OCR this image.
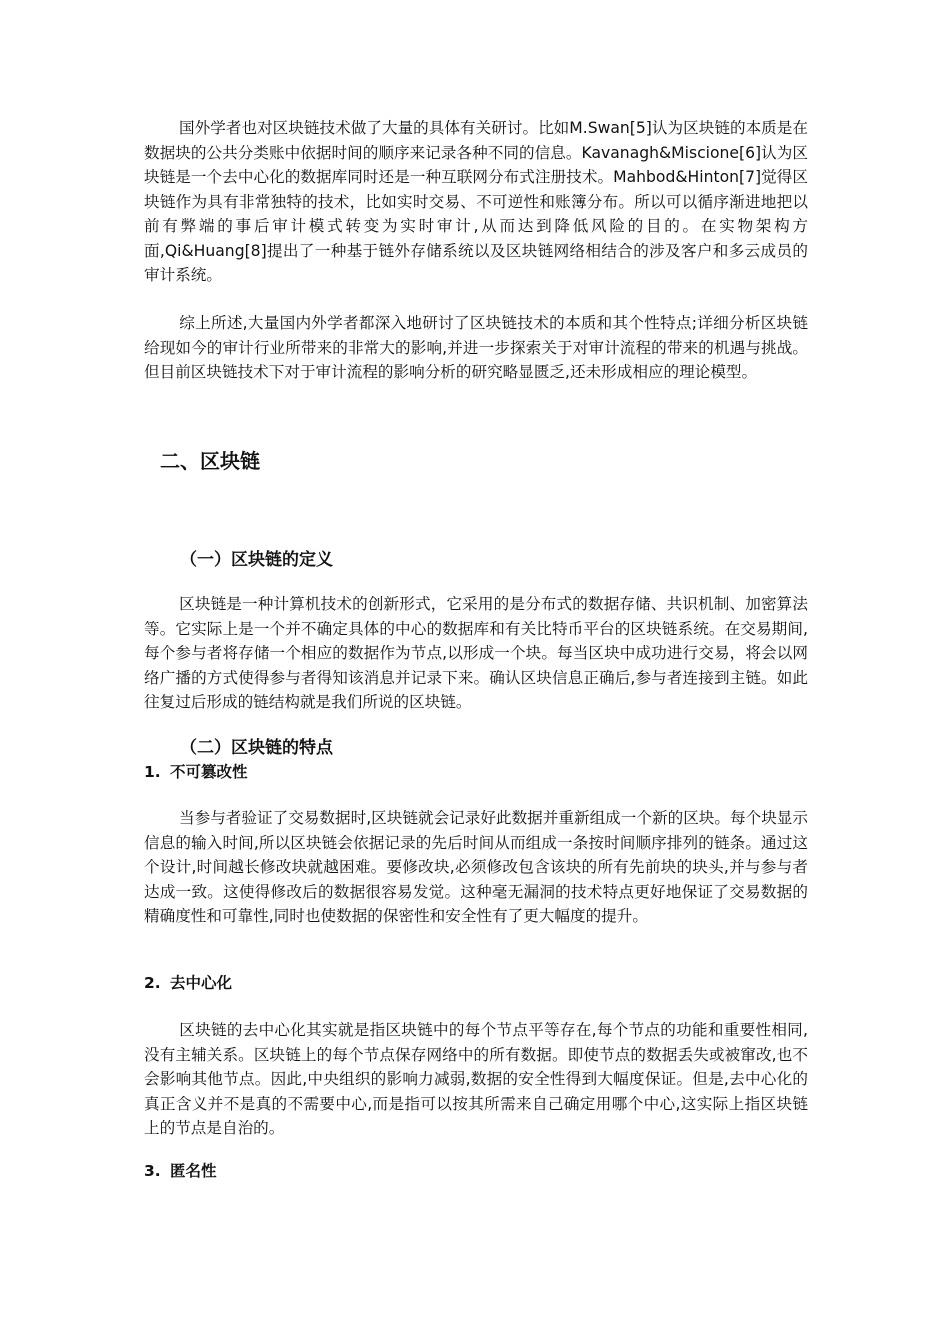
国外学者也对区块链技术做了大量的具体有关研讨。比如M.Swan[5]认为区块链的本质是在数据块的公共分类账中依据时间的顺序来记录各种不同的信息。Kavanagh&Miscione[6]认为区块链是一个去中心化的数据库同时还是一种互联网分布式注册技术。Mahbod&Hinton[7]觉得区块链作为具有非常独特的技术，比如实时交易、不可逆性和账簿分布。所以可以循序渐进地把以前有弊端的事后审计模式转变为实时审计,从而达到降低风险的目的。在实物架构方面,Qi&Huang[8]提出了一种基于链外存储系统以及区块链网络相结合的涉及客户和多云成员的审计系统。

综上所述,大量国内外学者都深入地研讨了区块链技术的本质和其个性特点;详细分析区块链给现如今的审计行业所带来的非常大的影响,并进一步探索关于对审计流程的带来的机遇与挑战。但目前区块链技术下对于审计流程的影响分析的研究略显匮乏,还未形成相应的理论模型。

二、区块链
（一）区块链的定义

区块链是一种计算机技术的创新形式，它采用的是分布式的数据存储、共识机制、加密算法等。它实际上是一个并不确定具体的中心的数据库和有关比特币平台的区块链系统。在交易期间,每个参与者将存储一个相应的数据作为节点,以形成一个块。每当区块中成功进行交易，将会以网络广播的方式使得参与者得知该消息并记录下来。确认区块信息正确后,参与者连接到主链。如此往复过后形成的链结构就是我们所说的区块链。

（二）区块链的特点
1. 不可篡改性

当参与者验证了交易数据时,区块链就会记录好此数据并重新组成一个新的区块。每个块显示信息的输入时间,所以区块链会依据记录的先后时间从而组成一条按时间顺序排列的链条。通过这个设计,时间越长修改块就越困难。要修改块,必须修改包含该块的所有先前块的块头,并与参与者达成一致。这使得修改后的数据很容易发觉。这种毫无漏洞的技术特点更好地保证了交易数据的精确度性和可靠性,同时也使数据的保密性和安全性有了更大幅度的提升。

2. 去中心化

区块链的去中心化其实就是指区块链中的每个节点平等存在,每个节点的功能和重要性相同,没有主辅关系。区块链上的每个节点保存网络中的所有数据。即使节点的数据丢失或被窜改,也不会影响其他节点。因此,中央组织的影响力减弱,数据的安全性得到大幅度保证。但是,去中心化的真正含义并不是真的不需要中心,而是指可以按其所需来自己确定用哪个中心,这实际上指区块链上的节点是自治的。

3. 匿名性
